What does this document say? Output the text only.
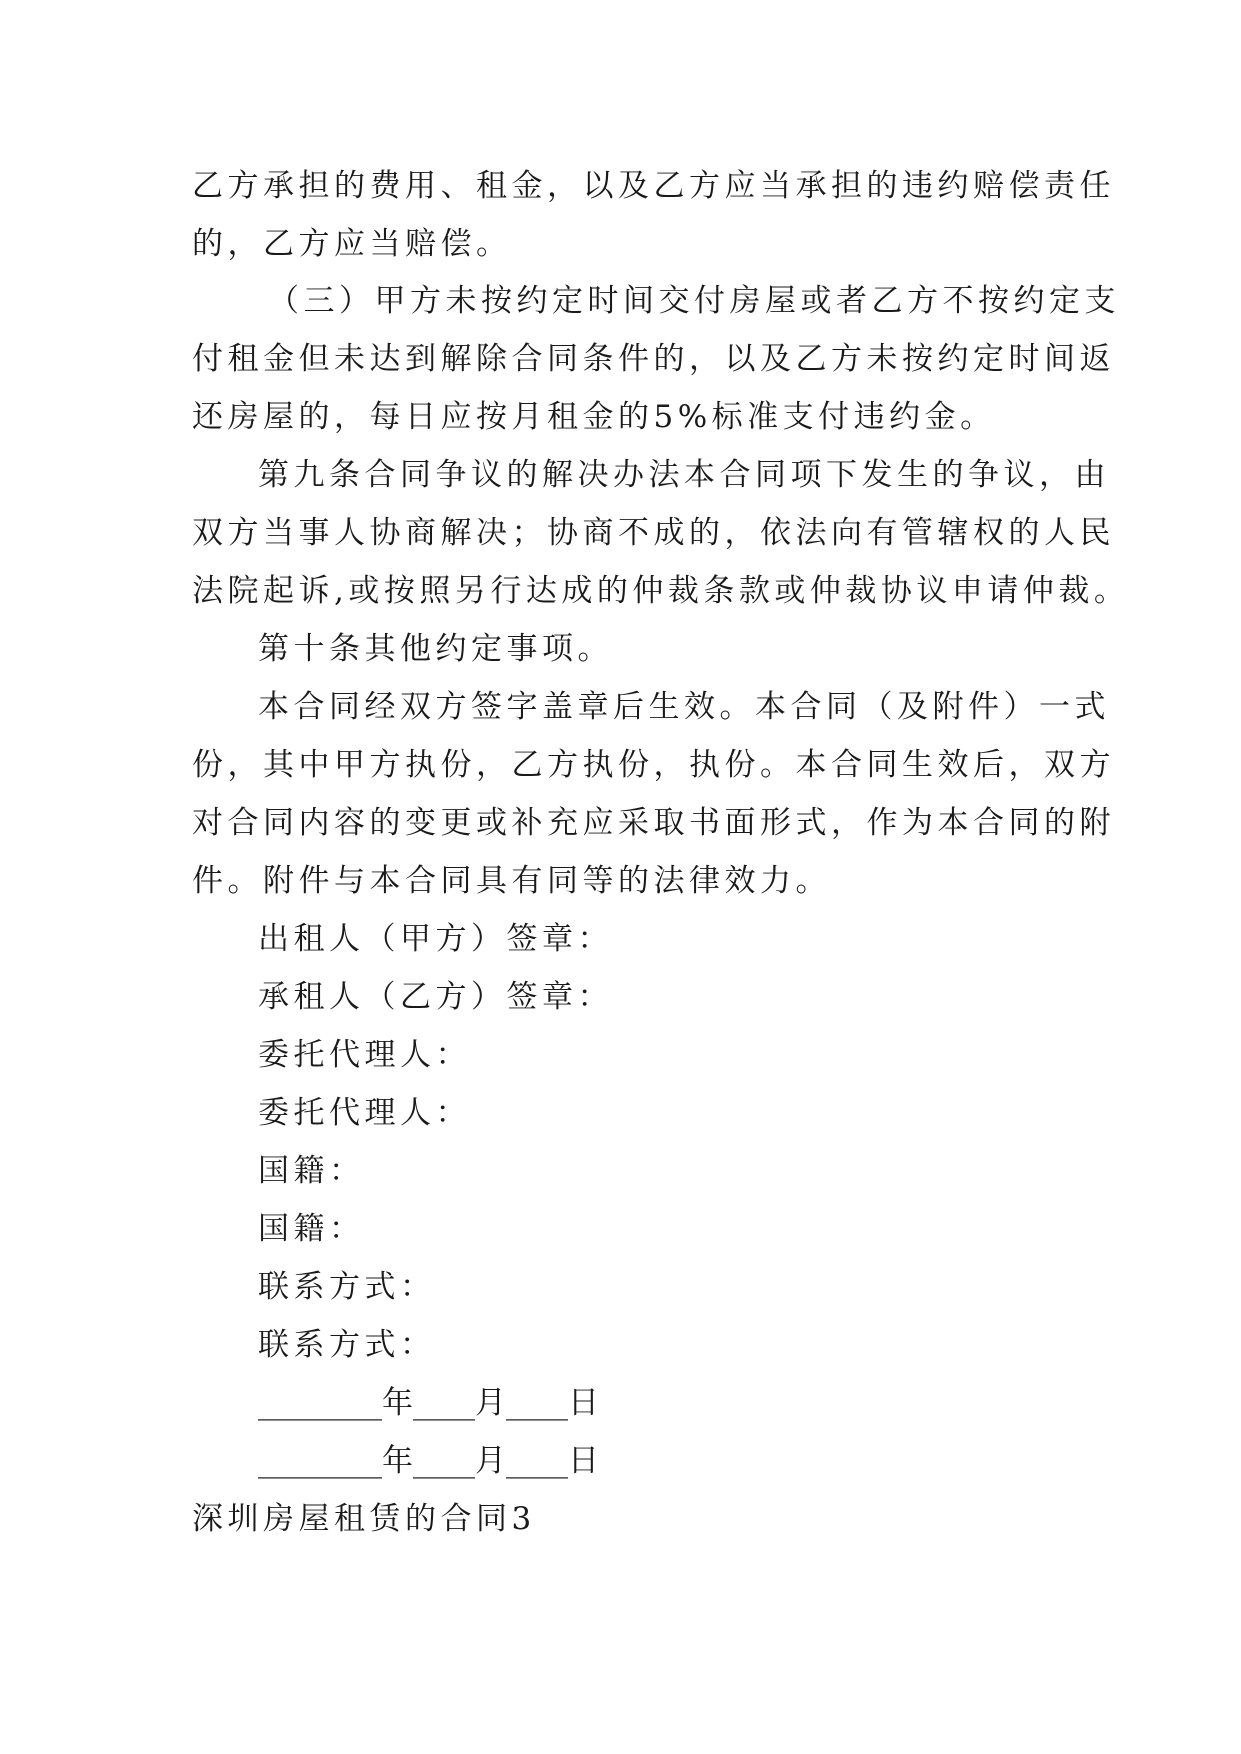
乙方承担的费用、租金，以及乙方应当承担的违约赔偿责任
的，乙方应当赔偿。
（三）甲方未按约定时间交付房屋或者乙方不按约定支
付租金但未达到解除合同条件的，以及乙方未按约定时间返
还房屋的，每日应按月租金的5%标准支付违约金。
第九条合同争议的解决办法本合同项下发生的争议，由
双方当事人协商解决；协商不成的，依法向有管辖权的人民
法院起诉,或按照另行达成的仲裁条款或仲裁协议申请仲裁。
第十条其他约定事项。
本合同经双方签字盖章后生效。本合同（及附件）一式
份，其中甲方执份，乙方执份，执份。本合同生效后，双方
对合同内容的变更或补充应采取书面形式，作为本合同的附
件。附件与本合同具有同等的法律效力。
出租人（甲方）签章：
承租人（乙方）签章：
委托代理人：
委托代理人：
国籍：
国籍：
联系方式：
联系方式：
________年____月____日
________年____月____日
深圳房屋租赁的合同3
